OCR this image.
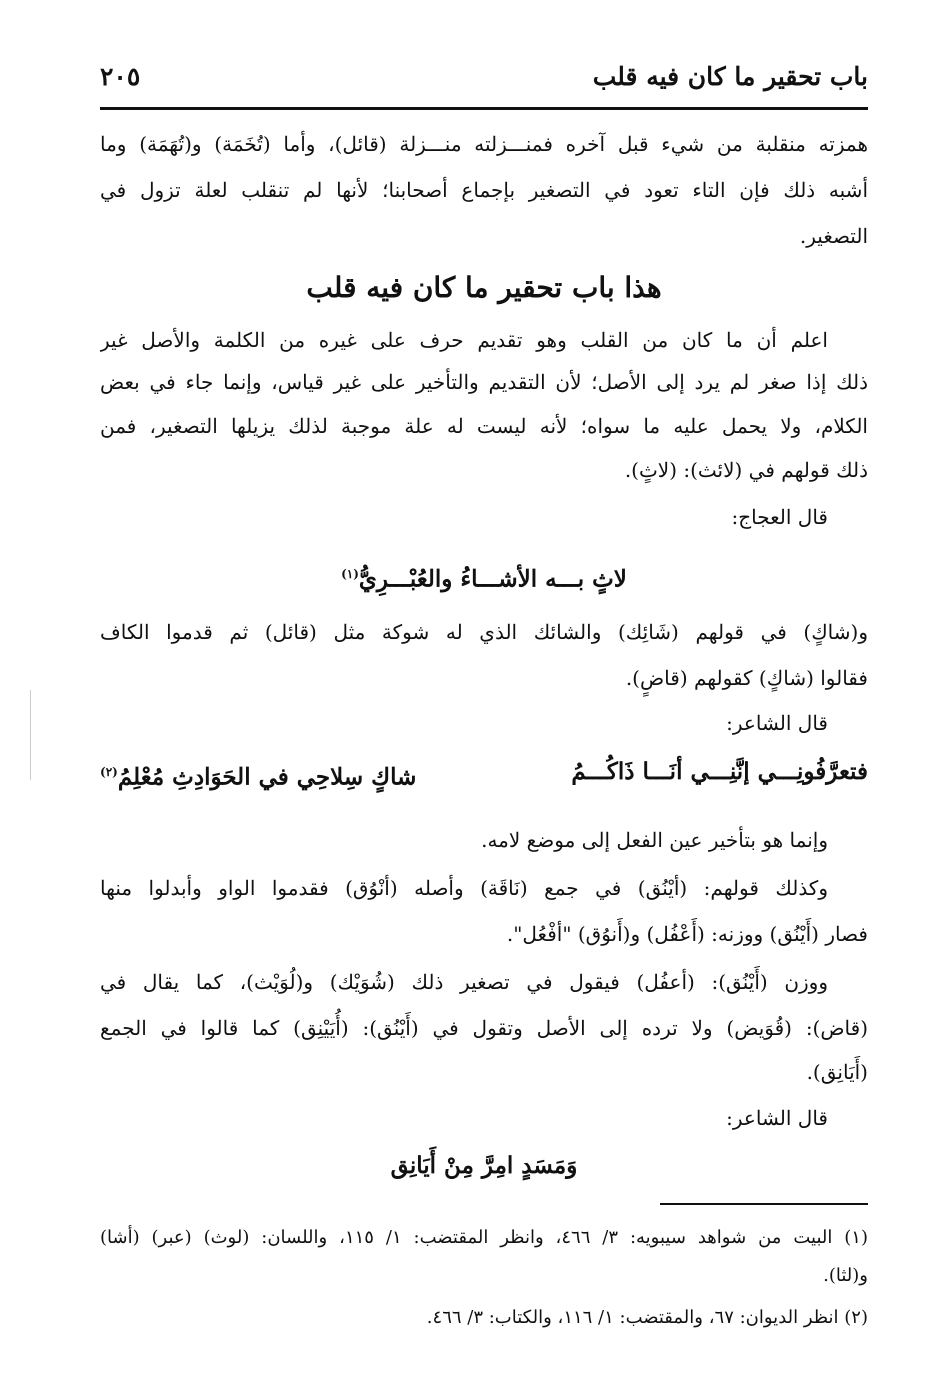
باب تحقير ما كان فيه قلب
٢٠٥
همزته منقلبة من شيء قبل آخره فمنـــزلته منـــزلة (قائل)، وأما (تُخَمَة) و(تُهَمَة) وما
أشبه ذلك فإن التاء تعود في التصغير بإجماع أصحابنا؛ لأنها لم تنقلب لعلة تزول في
التصغير.
هذا باب تحقير ما كان فيه قلب
اعلم أن ما كان من القلب وهو تقديم حرف على غيره من الكلمة والأصل غير
ذلك إذا صغر لم يرد إلى الأصل؛ لأن التقديم والتأخير على غير قياس، وإنما جاء في بعض
الكلام، ولا يحمل عليه ما سواه؛ لأنه ليست له علة موجبة لذلك يزيلها التصغير، فمن
ذلك قولهم في (لائث): (لاثٍ).
قال العجاج:
لاثٍ بـــه الأشـــاءُ والعُبْـــرِيُّ$^{(١)}$
و(شاكٍ) في قولهم (شَائِك) والشائك الذي له شوكة مثل (قائل) ثم قدموا الكاف
فقالوا (شاكٍ) كقولهم (قاضٍ).
قال الشاعر:
فتعرَّفُونِـــي إنَّنِـــي أنَـــا ذَاكُـــمُ
شاكٍ سِلاحِي في الحَوَادِثِ مُعْلِمُ$^{(٢)}$
وإنما هو بتأخير عين الفعل إلى موضع لامه.
وكذلك قولهم: (أيْنُق) في جمع (نَاقَة) وأصله (أنْوُق) فقدموا الواو وأبدلوا منها
فصار (أَيْنُق) ووزنه: (أَعْفُل) و(أَنوُق) "أفْعُل".
ووزن (أَيْنُق): (أعفُل) فيقول في تصغير ذلك (شُوَيْك) و(لُوَيْث)، كما يقال في
(قاض): (قُوَيض) ولا ترده إلى الأصل وتقول في (أَيْنُق): (أُيَيْنِق) كما قالوا في الجمع
(أَيَانِق).
قال الشاعر:
وَمَسَدٍ امِرَّ مِنْ أَيَانِق
(١) البيت من شواهد سيبويه: ٣/ ٤٦٦، وانظر المقتضب: ١/ ١١٥، واللسان: (لوث) (عبر) (أشا)
و(لثا).
(٢) انظر الديوان: ٦٧، والمقتضب: ١/ ١١٦، والكتاب: ٣/ ٤٦٦.
